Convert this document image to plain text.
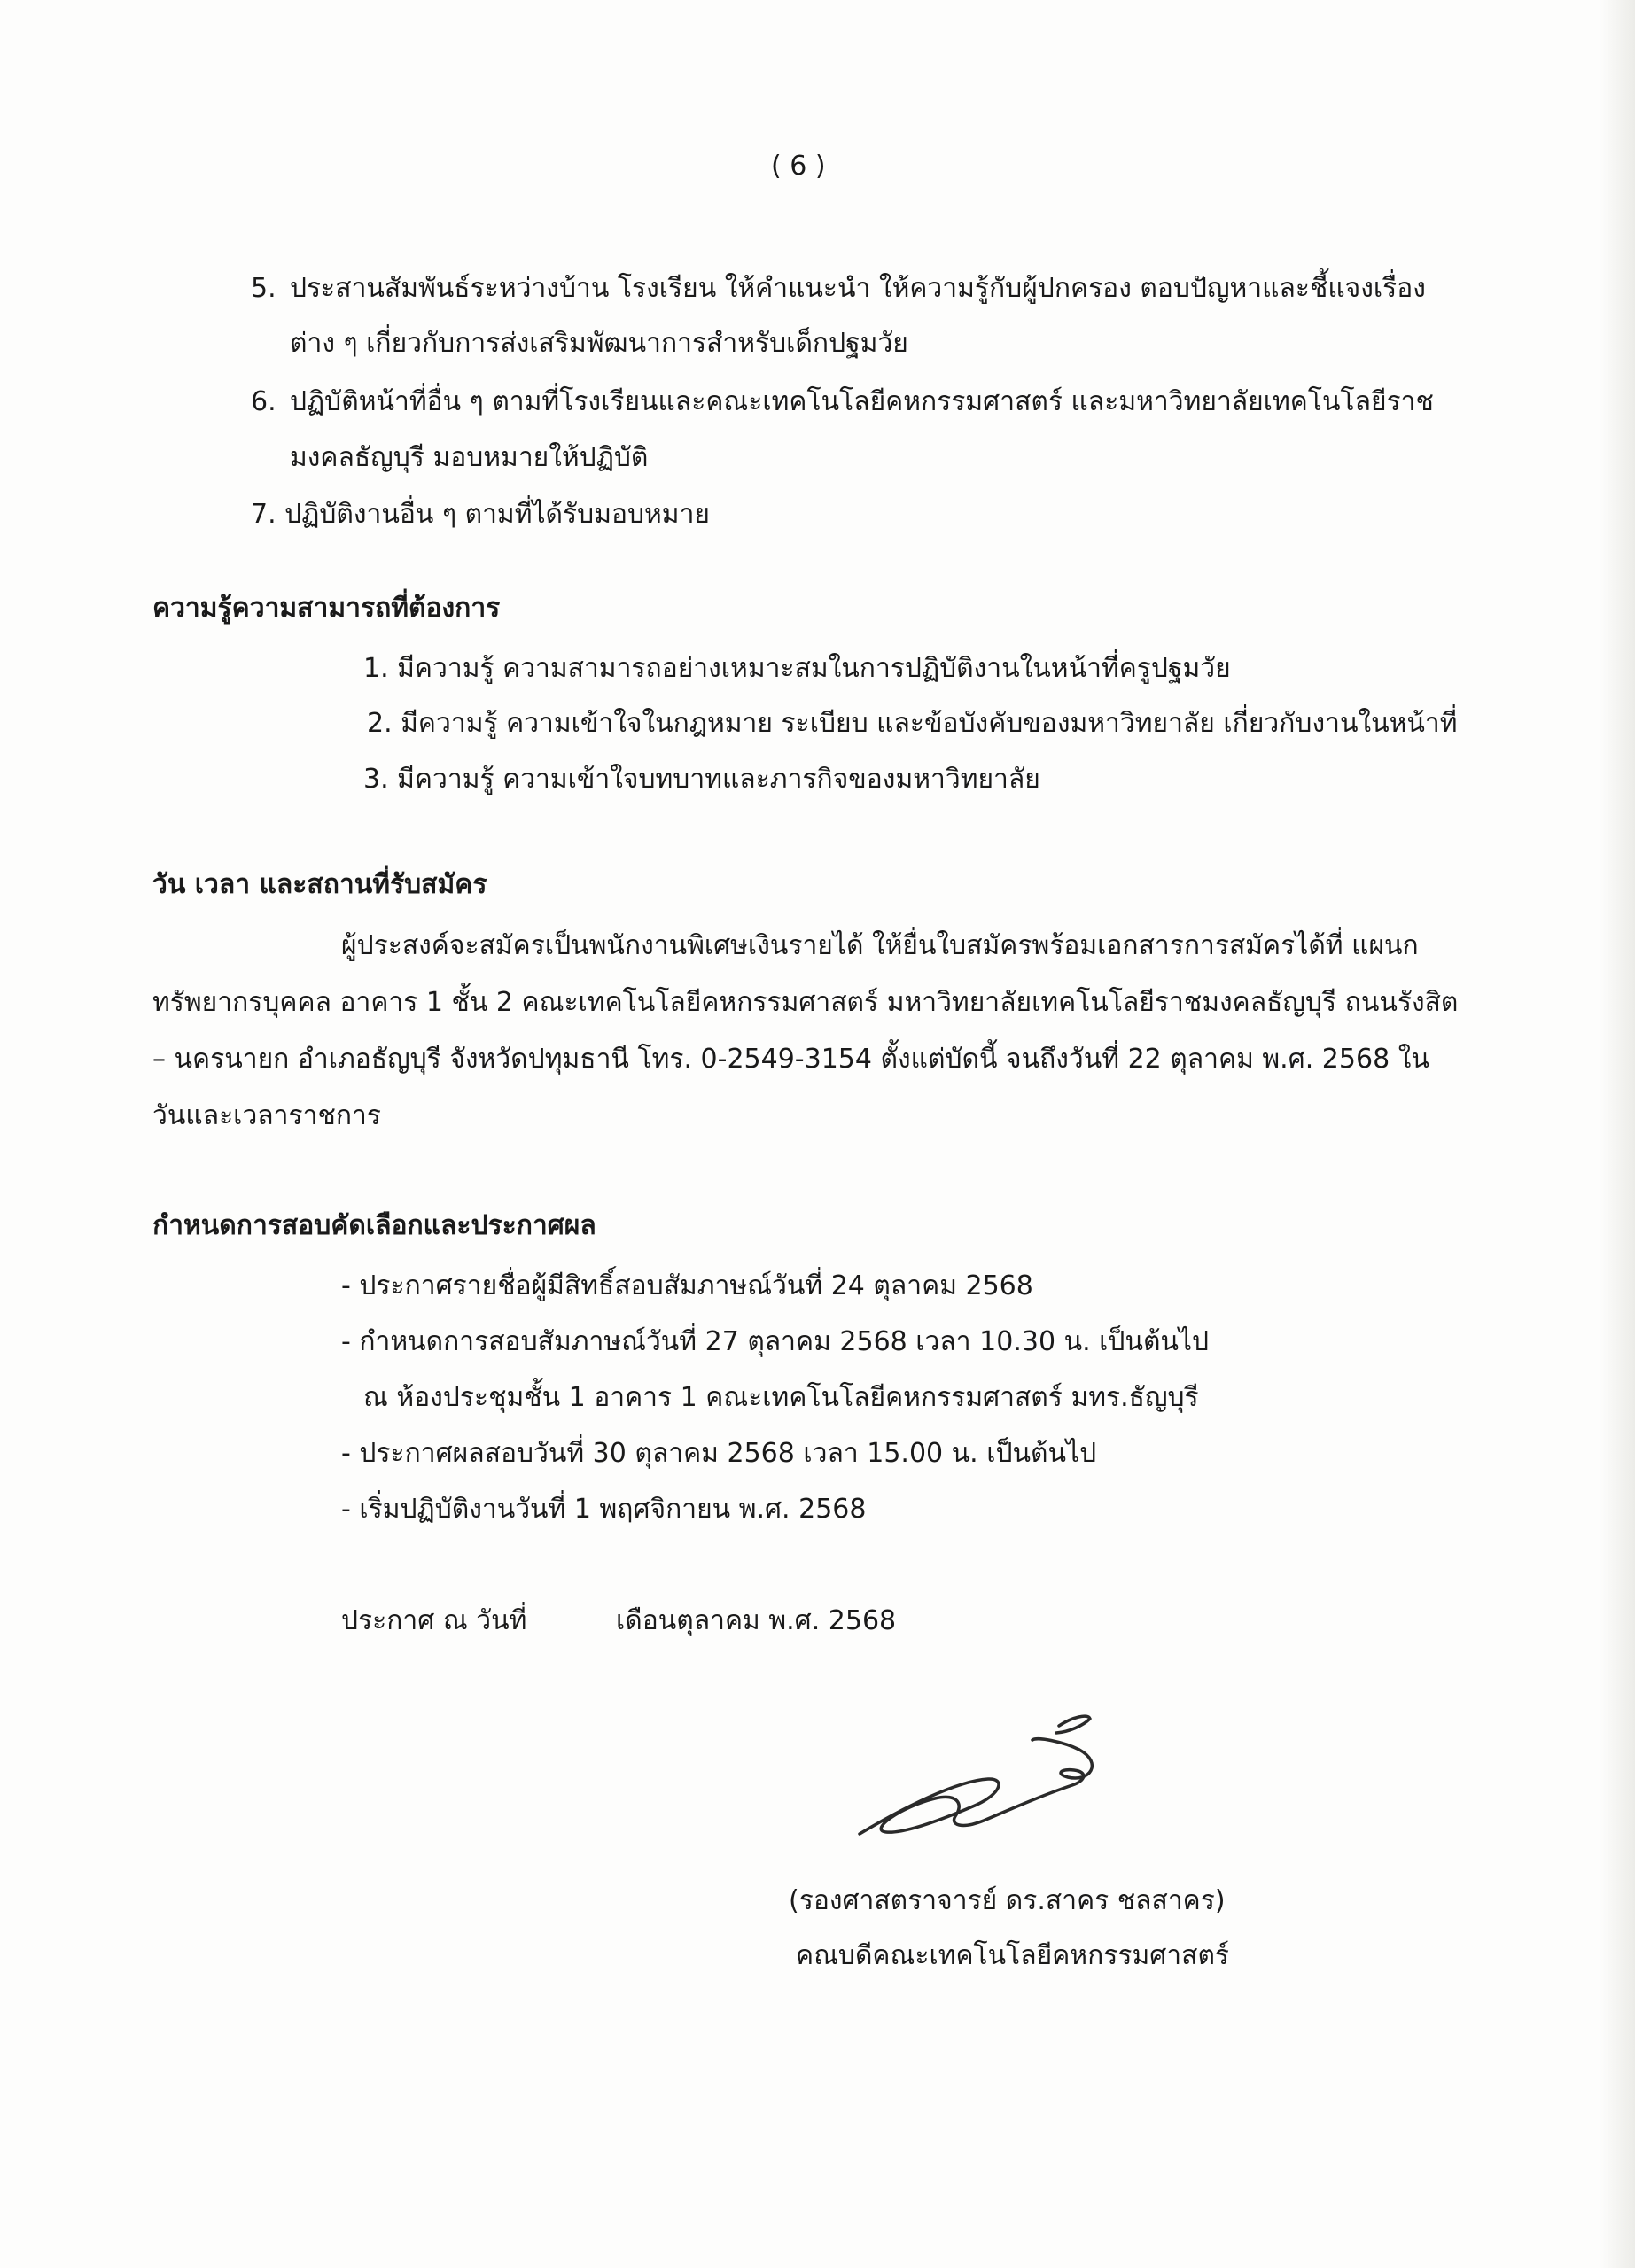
( 6 )
5. ประสานสัมพันธ์ระหว่างบ้าน โรงเรียน ให้คำแนะนำ ให้ความรู้กับผู้ปกครอง ตอบปัญหาและชี้แจงเรื่อง
ต่าง ๆ เกี่ยวกับการส่งเสริมพัฒนาการสำหรับเด็กปฐมวัย
6. ปฏิบัติหน้าที่อื่น ๆ ตามที่โรงเรียนและคณะเทคโนโลยีคหกรรมศาสตร์ และมหาวิทยาลัยเทคโนโลยีราช
มงคลธัญบุรี มอบหมายให้ปฏิบัติ
7. ปฏิบัติงานอื่น ๆ ตามที่ได้รับมอบหมาย
ความรู้ความสามารถที่ต้องการ
1. มีความรู้ ความสามารถอย่างเหมาะสมในการปฏิบัติงานในหน้าที่ครูปฐมวัย
2. มีความรู้ ความเข้าใจในกฎหมาย ระเบียบ และข้อบังคับของมหาวิทยาลัย เกี่ยวกับงานในหน้าที่
3. มีความรู้ ความเข้าใจบทบาทและภารกิจของมหาวิทยาลัย
วัน เวลา และสถานที่รับสมัคร
ผู้ประสงค์จะสมัครเป็นพนักงานพิเศษเงินรายได้ ให้ยื่นใบสมัครพร้อมเอกสารการสมัครได้ที่ แผนก
ทรัพยากรบุคคล อาคาร 1 ชั้น 2 คณะเทคโนโลยีคหกรรมศาสตร์ มหาวิทยาลัยเทคโนโลยีราชมงคลธัญบุรี ถนนรังสิต
– นครนายก อำเภอธัญบุรี จังหวัดปทุมธานี โทร. 0-2549-3154 ตั้งแต่บัดนี้ จนถึงวันที่ 22 ตุลาคม พ.ศ. 2568 ใน
วันและเวลาราชการ
กำหนดการสอบคัดเลือกและประกาศผล
- ประกาศรายชื่อผู้มีสิทธิ์สอบสัมภาษณ์วันที่ 24 ตุลาคม 2568
- กำหนดการสอบสัมภาษณ์วันที่ 27 ตุลาคม 2568 เวลา 10.30 น. เป็นต้นไป
ณ ห้องประชุมชั้น 1 อาคาร 1 คณะเทคโนโลยีคหกรรมศาสตร์ มทร.ธัญบุรี
- ประกาศผลสอบวันที่ 30 ตุลาคม 2568 เวลา 15.00 น. เป็นต้นไป
- เริ่มปฏิบัติงานวันที่ 1 พฤศจิกายน พ.ศ. 2568
ประกาศ ณ วันที่	เดือนตุลาคม พ.ศ. 2568
(รองศาสตราจารย์ ดร.สาคร ชลสาคร)
คณบดีคณะเทคโนโลยีคหกรรมศาสตร์
